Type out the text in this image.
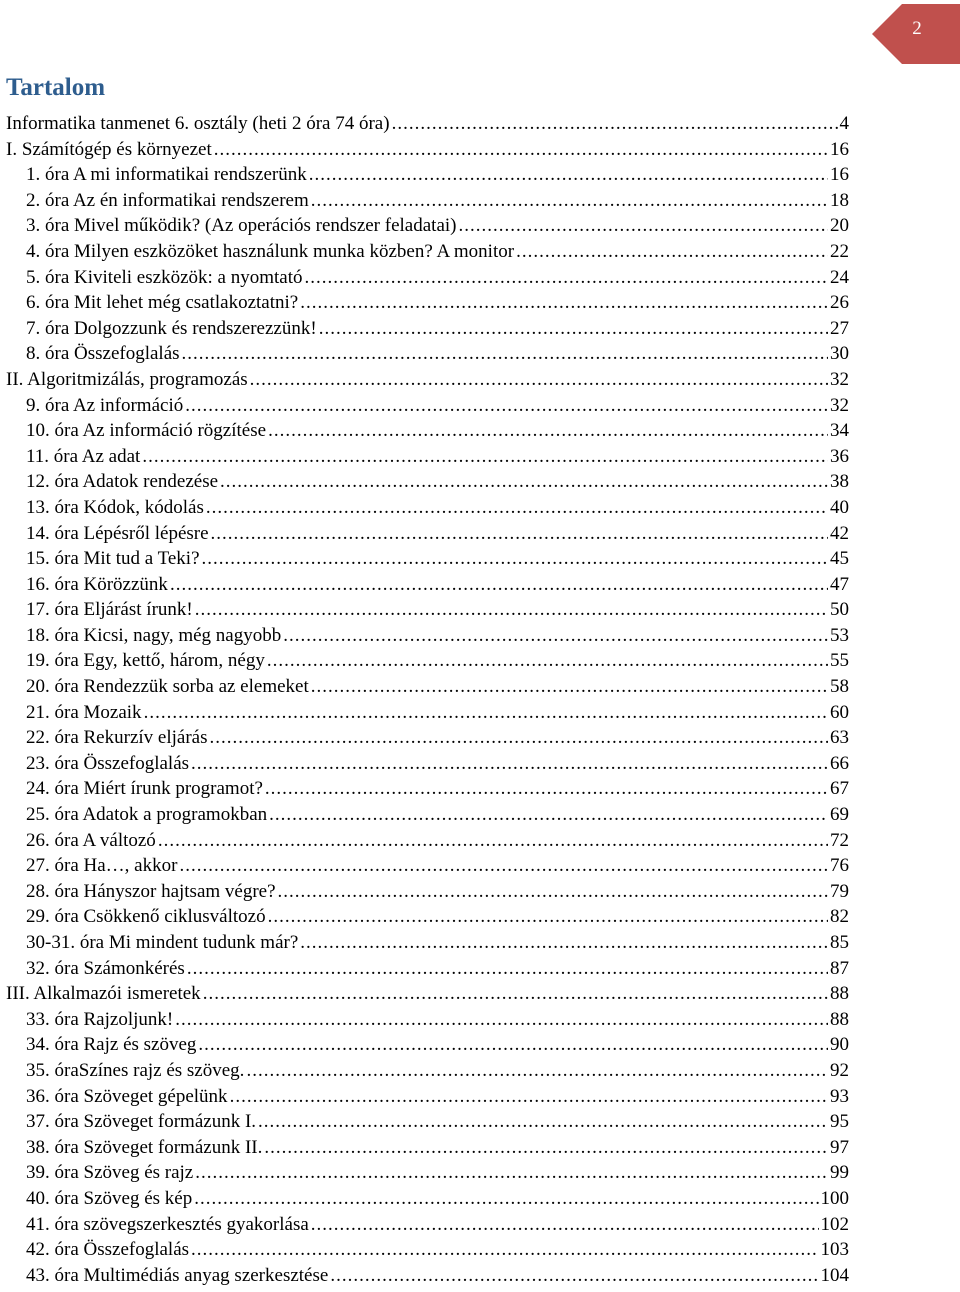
2
Tartalom
Informatika tanmenet 6. osztály (heti 2 óra 74 óra) .....	4
I. Számítógép és környezet .....	16
1. óra A mi informatikai rendszerünk .....	16
2. óra Az én informatikai rendszerem .....	18
3. óra Mivel működik? (Az operációs rendszer feladatai) .....	20
4. óra Milyen eszközöket használunk munka közben? A monitor .....	22
5. óra Kiviteli eszközök: a nyomtató .....	24
6. óra Mit lehet még csatlakoztatni? .....	26
7. óra Dolgozzunk és rendszerezzünk! .....	27
8. óra Összefoglalás .....	30
II. Algoritmizálás, programozás .....	32
9. óra Az információ .....	32
10. óra Az információ rögzítése .....	34
11. óra Az adat .....	36
12. óra Adatok rendezése .....	38
13. óra Kódok, kódolás .....	40
14. óra Lépésről lépésre .....	42
15. óra Mit tud a Teki? .....	45
16. óra Körözzünk .....	47
17. óra Eljárást írunk! .....	50
18. óra Kicsi, nagy, még nagyobb .....	53
19. óra Egy, kettő, három, négy .....	55
20. óra Rendezzük sorba az elemeket .....	58
21. óra Mozaik .....	60
22. óra Rekurzív eljárás .....	63
23. óra Összefoglalás .....	66
24. óra Miért írunk programot? .....	67
25. óra Adatok a programokban .....	69
26. óra A változó .....	72
27. óra Ha…, akkor .....	76
28. óra Hányszor hajtsam végre? .....	79
29. óra Csökkenő ciklusváltozó .....	82
30-31. óra Mi mindent tudunk már? .....	85
32. óra Számonkérés .....	87
III. Alkalmazói ismeretek .....	88
33. óra Rajzoljunk! .....	88
34. óra Rajz és szöveg .....	90
35. óraSzínes rajz és szöveg. .....	92
36. óra Szöveget gépelünk .....	93
37. óra Szöveget formázunk I. .....	95
38. óra Szöveget formázunk II. .....	97
39. óra Szöveg és rajz .....	99
40. óra Szöveg és kép .....	100
41. óra szövegszerkesztés gyakorlása .....	102
42. óra Összefoglalás .....	103
43. óra Multimédiás anyag szerkesztése .....	104
